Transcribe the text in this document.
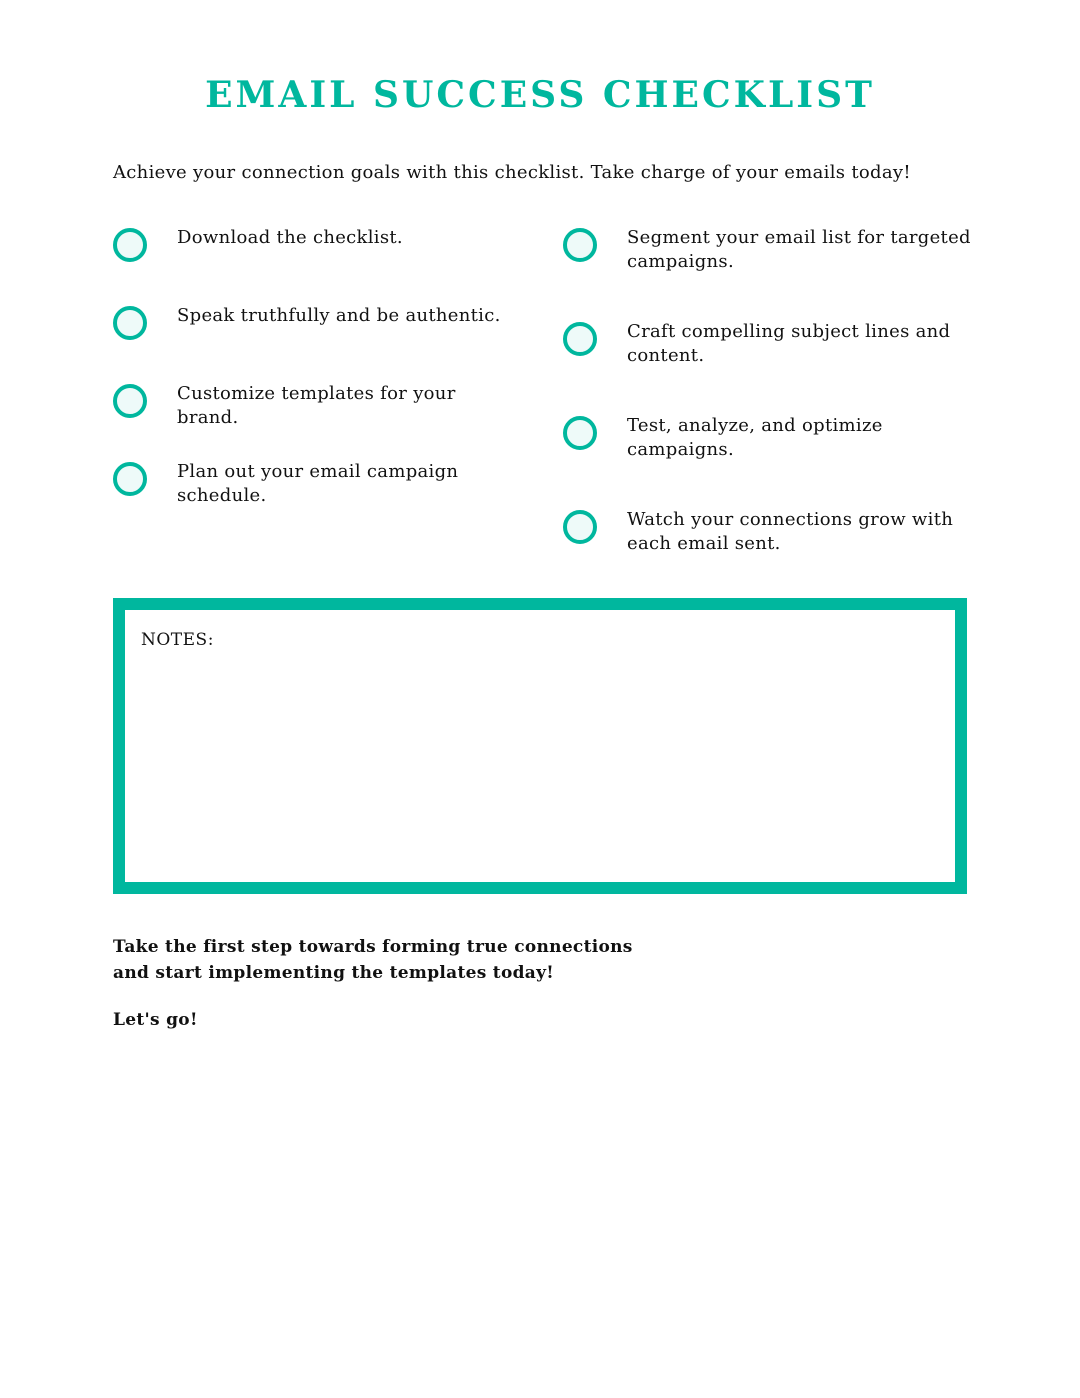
EMAIL SUCCESS CHECKLIST

Achieve your connection goals with this checklist. Take charge of your emails today!

Download the checklist.
Speak truthfully and be authentic.
Customize templates for your brand.
Plan out your email campaign schedule.
Segment your email list for targeted campaigns.
Craft compelling subject lines and content.
Test, analyze, and optimize campaigns.
Watch your connections grow with each email sent.

NOTES:

Take the first step towards forming true connections and start implementing the templates today!

Let's go!
